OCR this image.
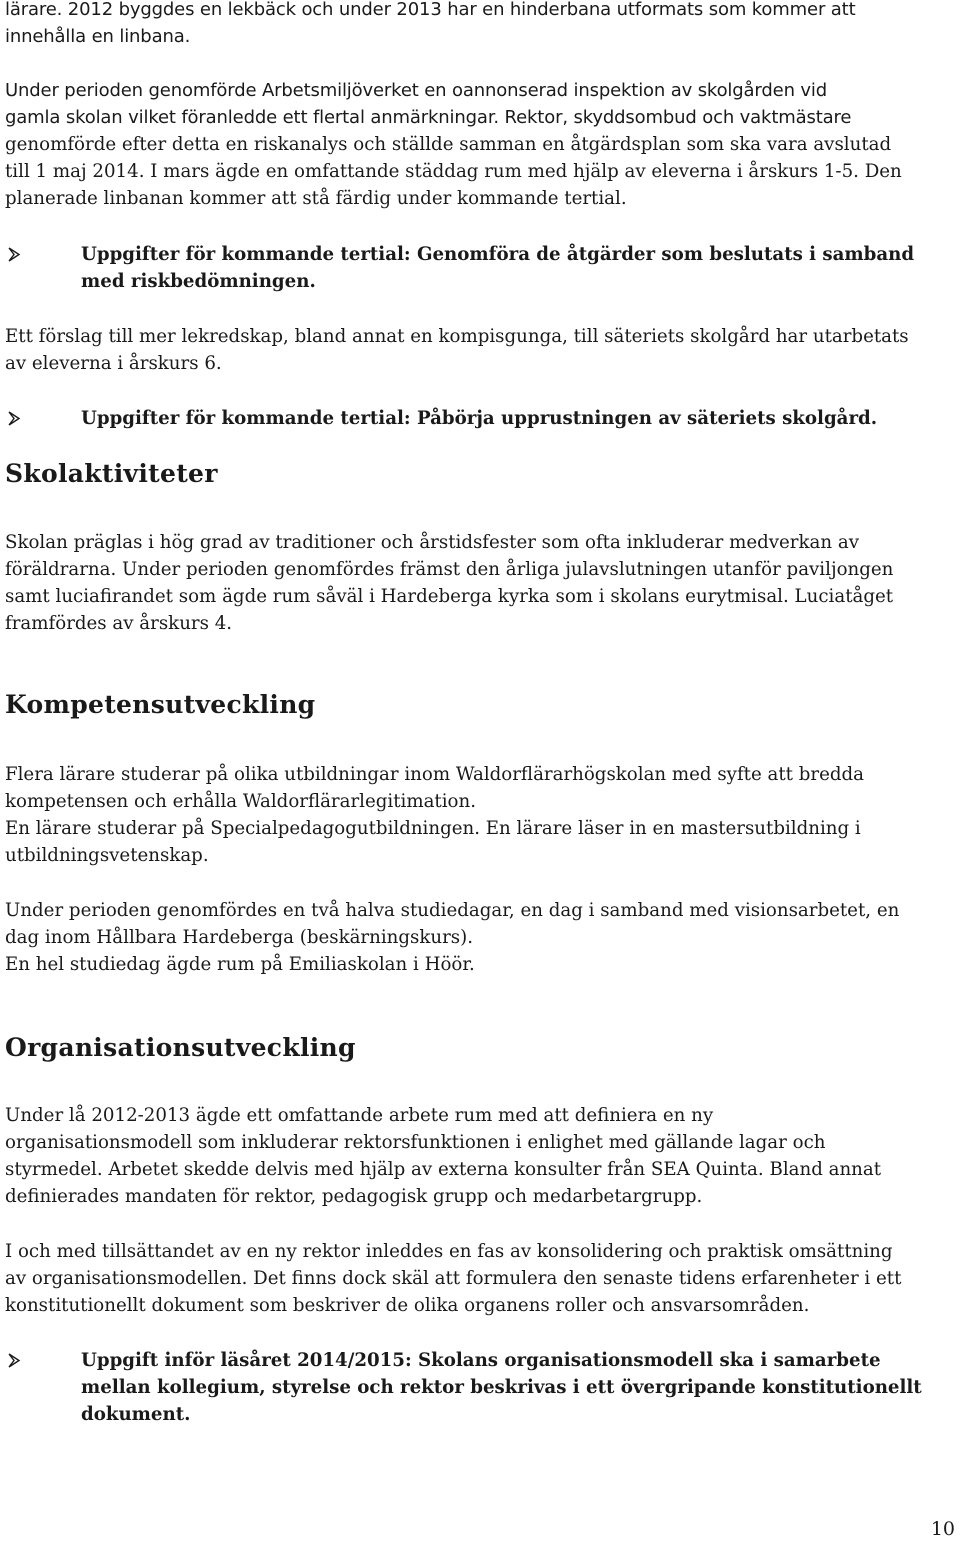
lärare. 2012 byggdes en lekbäck och under 2013 har en hinderbana utformats som kommer att

innehålla en linbana.

Under perioden genomförde Arbetsmiljöverket en oannonserad inspektion av skolgården vid

gamla skolan vilket föranledde ett flertal anmärkningar. Rektor, skyddsombud och vaktmästare

genomförde efter detta en riskanalys och ställde samman en åtgärdsplan som ska vara avslutad

till 1 maj 2014. I mars ägde en omfattande städdag rum med hjälp av eleverna i årskurs 1-5. Den

planerade linbanan kommer att stå färdig under kommande tertial.

Uppgifter för kommande tertial: Genomföra de åtgärder som beslutats i samband

med riskbedömningen.

Ett förslag till mer lekredskap, bland annat en kompisgunga, till säteriets skolgård har utarbetats

av eleverna i årskurs 6.

Uppgifter för kommande tertial: Påbörja upprustningen av säteriets skolgård.

Skolaktiviteter

Skolan präglas i hög grad av traditioner och årstidsfester som ofta inkluderar medverkan av

föräldrarna. Under perioden genomfördes främst den årliga julavslutningen utanför paviljongen

samt luciafirandet som ägde rum såväl i Hardeberga kyrka som i skolans eurytmisal. Luciatåget

framfördes av årskurs 4.

Kompetensutveckling

Flera lärare studerar på olika utbildningar inom Waldorflärarhögskolan med syfte att bredda

kompetensen och erhålla Waldorflärarlegitimation.

En lärare studerar på Specialpedagogutbildningen. En lärare läser in en mastersutbildning i

utbildningsvetenskap.

Under perioden genomfördes en två halva studiedagar, en dag i samband med visionsarbetet, en

dag inom Hållbara Hardeberga (beskärningskurs).

En hel studiedag ägde rum på Emiliaskolan i Höör.

Organisationsutveckling

Under lå 2012-2013 ägde ett omfattande arbete rum med att definiera en ny

organisationsmodell som inkluderar rektorsfunktionen i enlighet med gällande lagar och

styrmedel. Arbetet skedde delvis med hjälp av externa konsulter från SEA Quinta. Bland annat

definierades mandaten för rektor, pedagogisk grupp och medarbetargrupp.

I och med tillsättandet av en ny rektor inleddes en fas av konsolidering och praktisk omsättning

av organisationsmodellen. Det finns dock skäl att formulera den senaste tidens erfarenheter i ett

konstitutionellt dokument som beskriver de olika organens roller och ansvarsområden.

Uppgift inför läsåret 2014/2015: Skolans organisationsmodell ska i samarbete

mellan kollegium, styrelse och rektor beskrivas i ett övergripande konstitutionellt

dokument.

10
